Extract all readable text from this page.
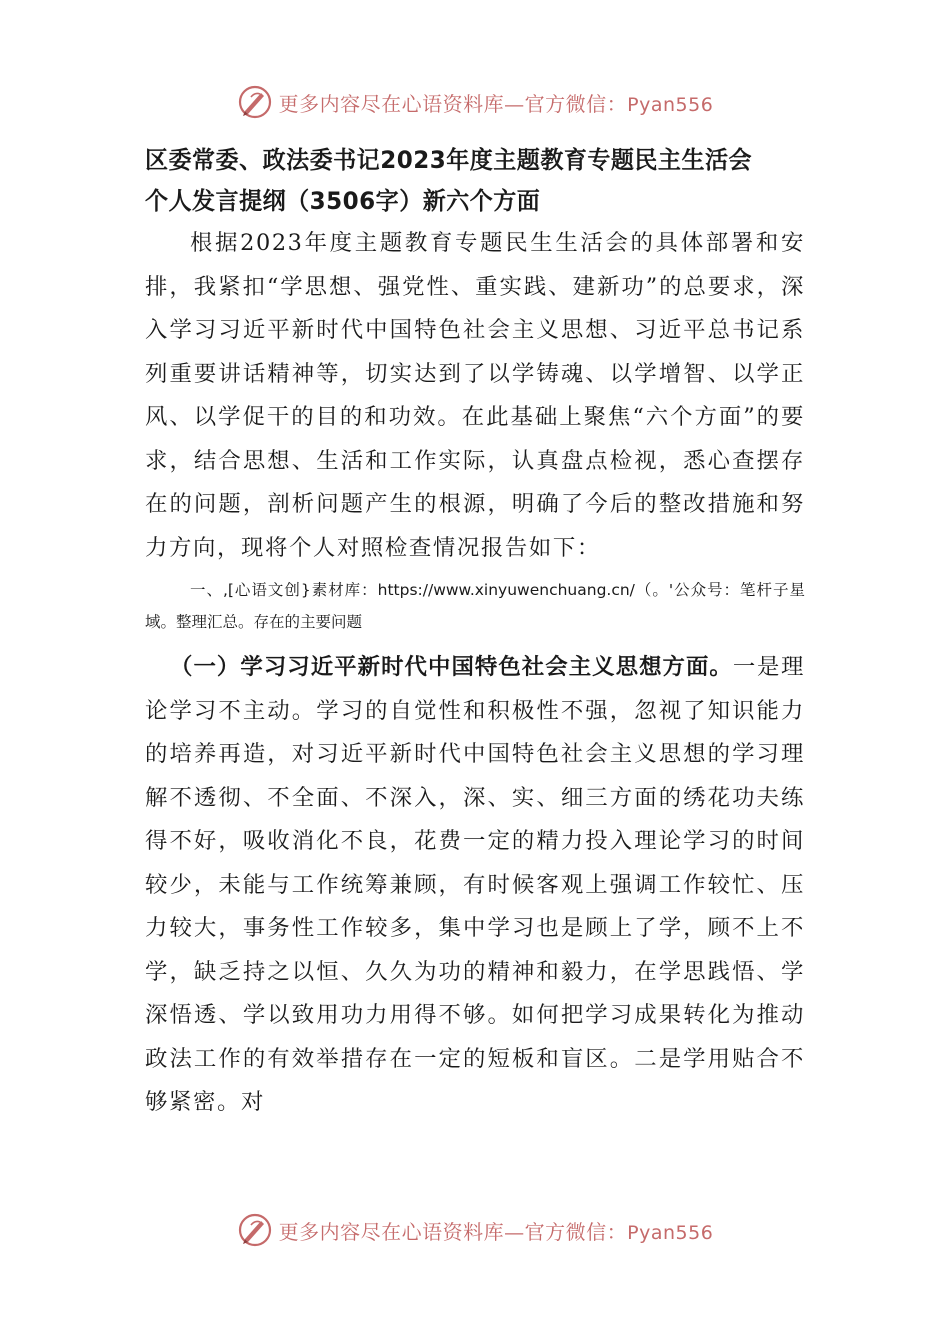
更多内容尽在心语资料库—官方微信：Pyan556

区委常委、政法委书记2023年度主题教育专题民主生活会

个人发言提纲（3506字）新六个方面

根据2023年度主题教育专题民生生活会的具体部署和安排，我紧扣“学思想、强党性、重实践、建新功”的总要求，深入学习习近平新时代中国特色社会主义思想、习近平总书记系列重要讲话精神等，切实达到了以学铸魂、以学增智、以学正风、以学促干的目的和功效。在此基础上聚焦“六个方面”的要求，结合思想、生活和工作实际，认真盘点检视，悉心查摆存在的问题，剖析问题产生的根源，明确了今后的整改措施和努力方向，现将个人对照检查情况报告如下：

一、,[心语文创}素材库：https://www.xinyuwenchuang.cn/（。'公众号：笔杆子星域。整理汇总。存在的主要问题

（一）学习习近平新时代中国特色社会主义思想方面。一是理论学习不主动。学习的自觉性和积极性不强，忽视了知识能力的培养再造，对习近平新时代中国特色社会主义思想的学习理解不透彻、不全面、不深入，深、实、细三方面的绣花功夫练得不好，吸收消化不良，花费一定的精力投入理论学习的时间较少，未能与工作统筹兼顾，有时候客观上强调工作较忙、压力较大，事务性工作较多，集中学习也是顾上了学，顾不上不学，缺乏持之以恒、久久为功的精神和毅力，在学思践悟、学深悟透、学以致用功力用得不够。如何把学习成果转化为推动政法工作的有效举措存在一定的短板和盲区。二是学用贴合不够紧密。对

更多内容尽在心语资料库—官方微信：Pyan556
